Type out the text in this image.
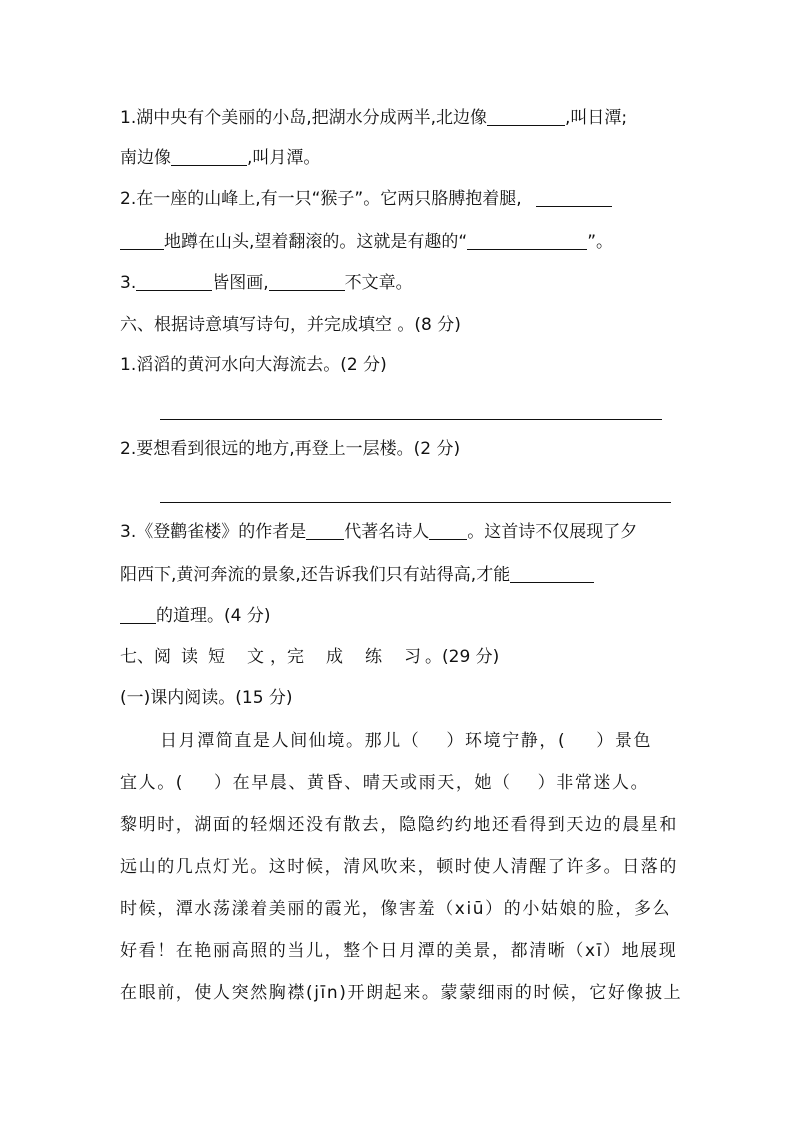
1.湖中央有个美丽的小岛,把湖水分成两半,北边像	,叫日潭;
南边像	,叫月潭。
2.在一座的山峰上,有一只“猴子”。它两只胳膊抱着腿,
地蹲在山头,望着翻滚的。这就是有趣的“	”。
3.	皆图画,	不文章。
六、根据诗意填写诗句，并完成填空 。(8 分)
1.滔滔的黄河水向大海流去。(2 分)
2.要想看到很远的地方,再登上一层楼。(2 分)
3.《登鹳雀楼》的作者是 代著名诗人 。这首诗不仅展现了夕
阳西下,黄河奔流的景象,还告诉我们只有站得高,才能
的道理。(4 分)
七、阅 读 短 文 ，完 成 练 习 。(29 分)
(一)课内阅读。(15 分)
日月潭简直是人间仙境。那儿（ ）环境宁静，( ）景色
宜人。( ）在早晨、黄昏、晴天或雨天，她（ ）非常迷人。
黎明时，湖面的轻烟还没有散去，隐隐约约地还看得到天边的晨星和
远山的几点灯光。这时候，清风吹来，顿时使人清醒了许多。日落的
时候，潭水荡漾着美丽的霞光，像害羞（xiū）的小姑娘的脸，多么
好看！在艳丽高照的当儿，整个日月潭的美景，都清晰（xī）地展现
在眼前，使人突然胸襟(jīn)开朗起来。蒙蒙细雨的时候，它好像披上
